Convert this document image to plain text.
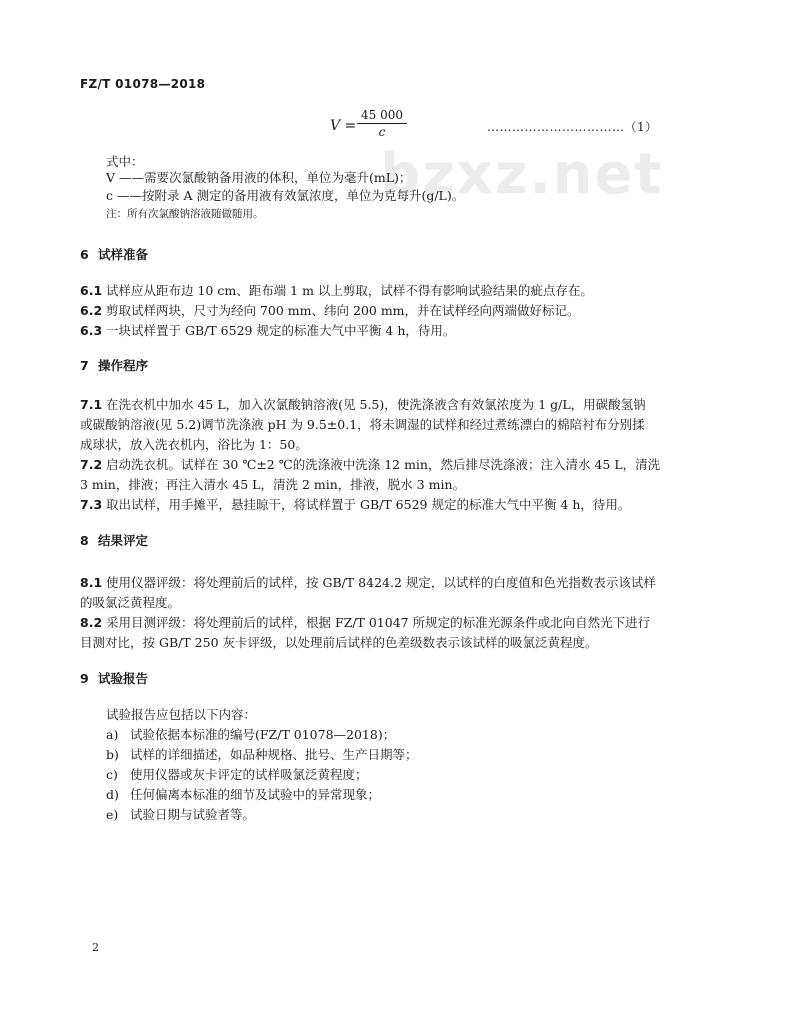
FZ/T 01078—2018
bzxz.net
$V = \frac{45 000}{c}$	……………………………（1）
式中：
V ——需要次氯酸钠备用液的体积，单位为毫升(mL)；
c ——按附录 A 测定的备用液有效氯浓度，单位为克每升(g/L)。
注：所有次氯酸钠溶液随做随用。
6 试样准备
6.1 试样应从距布边 10 cm、距布端 1 m 以上剪取，试样不得有影响试验结果的疵点存在。
6.2 剪取试样两块，尺寸为经向 700 mm、纬向 200 mm，并在试样经向两端做好标记。
6.3 一块试样置于 GB/T 6529 规定的标准大气中平衡 4 h，待用。
7 操作程序
7.1 在洗衣机中加水 45 L，加入次氯酸钠溶液(见 5.5)，使洗涤液含有效氯浓度为 1 g/L，用碳酸氢钠
或碳酸钠溶液(见 5.2)调节洗涤液 pH 为 9.5±0.1，将未调湿的试样和经过煮练漂白的棉陪衬布分别揉
成球状，放入洗衣机内，浴比为 1：50。
7.2 启动洗衣机。试样在 30 ℃±2 ℃的洗涤液中洗涤 12 min，然后排尽洗涤液；注入清水 45 L，清洗
3 min，排液；再注入清水 45 L，清洗 2 min，排液，脱水 3 min。
7.3 取出试样，用手摊平，悬挂晾干，将试样置于 GB/T 6529 规定的标准大气中平衡 4 h，待用。
8 结果评定
8.1 使用仪器评级：将处理前后的试样，按 GB/T 8424.2 规定，以试样的白度值和色光指数表示该试样
的吸氯泛黄程度。
8.2 采用目测评级：将处理前后的试样，根据 FZ/T 01047 所规定的标准光源条件或北向自然光下进行
目测对比，按 GB/T 250 灰卡评级，以处理前后试样的色差级数表示该试样的吸氯泛黄程度。
9 试验报告
试验报告应包括以下内容：
a) 试验依据本标准的编号(FZ/T 01078—2018)；
b) 试样的详细描述，如品种规格、批号、生产日期等；
c) 使用仪器或灰卡评定的试样吸氯泛黄程度；
d) 任何偏离本标准的细节及试验中的异常现象；
e) 试验日期与试验者等。
2
